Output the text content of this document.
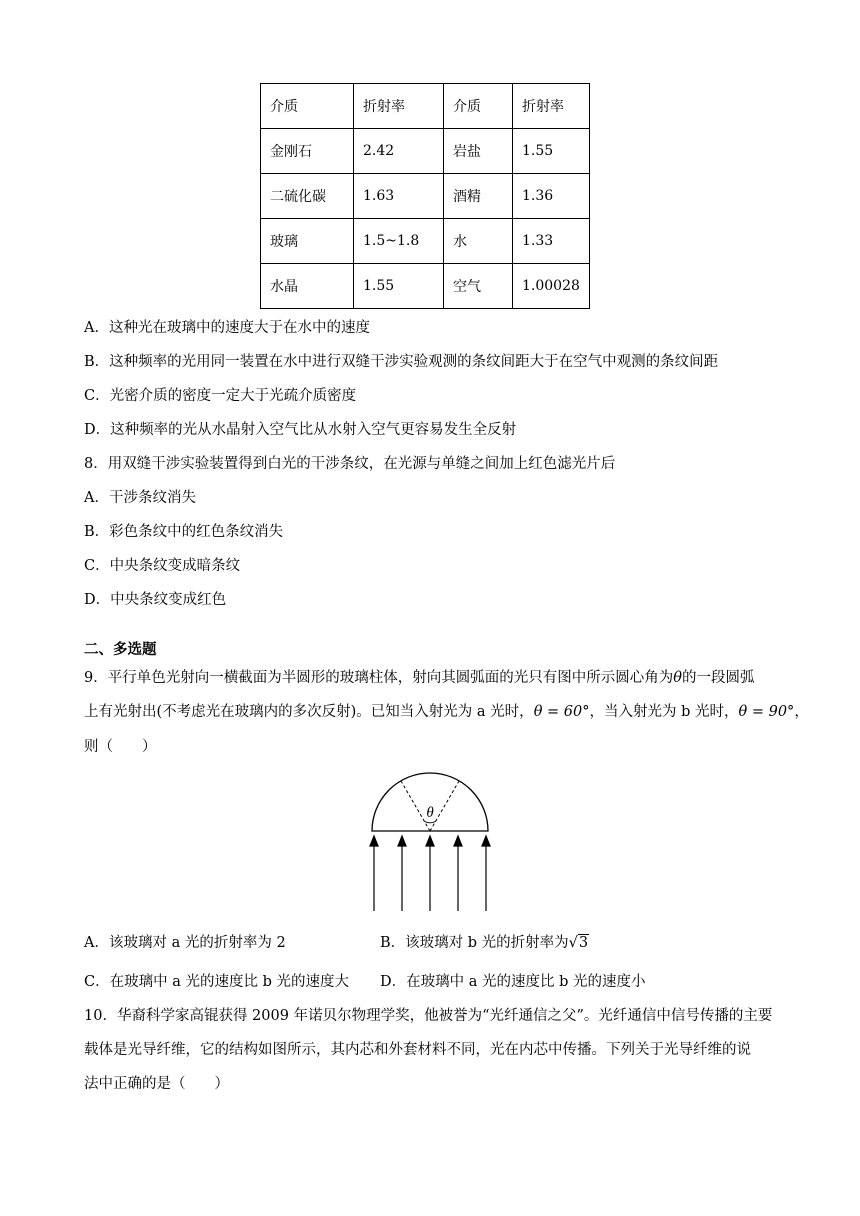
介质	折射率	介质	折射率
金刚石	2.42	岩盐	1.55
二硫化碳	1.63	酒精	1.36
玻璃	1.5~1.8	水	1.33
水晶	1.55	空气	1.00028
A．这种光在玻璃中的速度大于在水中的速度
B．这种频率的光用同一装置在水中进行双缝干涉实验观测的条纹间距大于在空气中观测的条纹间距
C．光密介质的密度一定大于光疏介质密度
D．这种频率的光从水晶射入空气比从水射入空气更容易发生全反射
8．用双缝干涉实验装置得到白光的干涉条纹，在光源与单缝之间加上红色滤光片后
A．干涉条纹消失
B．彩色条纹中的红色条纹消失
C．中央条纹变成暗条纹
D．中央条纹变成红色
二、多选题
9．平行单色光射向一横截面为半圆形的玻璃柱体，射向其圆弧面的光只有图中所示圆心角为θ的一段圆弧
上有光射出(不考虑光在玻璃内的多次反射)。已知当入射光为 a 光时，θ = 60°，当入射光为 b 光时，θ = 90°，
则（　　）
θ
A．该玻璃对 a 光的折射率为 2	B．该玻璃对 b 光的折射率为√3
C．在玻璃中 a 光的速度比 b 光的速度大 D．在玻璃中 a 光的速度比 b 光的速度小
10．华裔科学家高锟获得 2009 年诺贝尔物理学奖，他被誉为“光纤通信之父”。光纤通信中信号传播的主要
载体是光导纤维，它的结构如图所示，其内芯和外套材料不同，光在内芯中传播。下列关于光导纤维的说
法中正确的是（　　）
